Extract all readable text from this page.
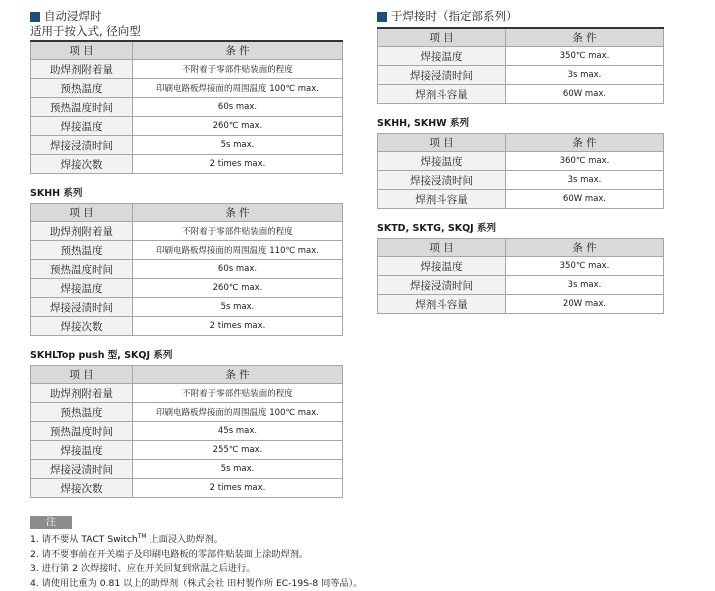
自动浸焊时
适用于按入式, 径向型
项 目	条 件
助焊剂附着量	不附着于零部件贴装面的程度
预热温度	印刷电路板焊接面的周围温度 100℃ max.
预热温度时间	60s max.
焊接温度	260℃ max.
焊接浸渍时间	5s max.
焊接次数	2 times max.
SKHH 系列
项 目	条 件
助焊剂附着量	不附着于零部件贴装面的程度
预热温度	印刷电路板焊接面的周围温度 110℃ max.
预热温度时间	60s max.
焊接温度	260℃ max.
焊接浸渍时间	5s max.
焊接次数	2 times max.
SKHLTop push 型, SKQJ 系列
项 目	条 件
助焊剂附着量	不附着于零部件贴装面的程度
预热温度	印刷电路板焊接面的周围温度 100℃ max.
预热温度时间	45s max.
焊接温度	255℃ max.
焊接浸渍时间	5s max.
焊接次数	2 times max.
注
1. 请不要从 TACT Switch™ 上面浸入助焊剂。
2. 请不要事前在开关端子及印刷电路板的零部件贴装面上涂助焊剂。
3. 进行第 2 次焊接时、应在开关回复到常温之后进行。
4. 请使用比重为 0.81 以上的助焊剂（株式会社 田村製作所 EC-19S-8 同等品）。
于焊接时（指定部系列）
项 目	条 件
焊接温度	350℃ max.
焊接浸渍时间	3s max.
焊剂斗容量	60W max.
SKHH, SKHW 系列
项 目	条 件
焊接温度	360℃ max.
焊接浸渍时间	3s max.
焊剂斗容量	60W max.
SKTD, SKTG, SKQJ 系列
项 目	条 件
焊接温度	350℃ max.
焊接浸渍时间	3s max.
焊剂斗容量	20W max.
